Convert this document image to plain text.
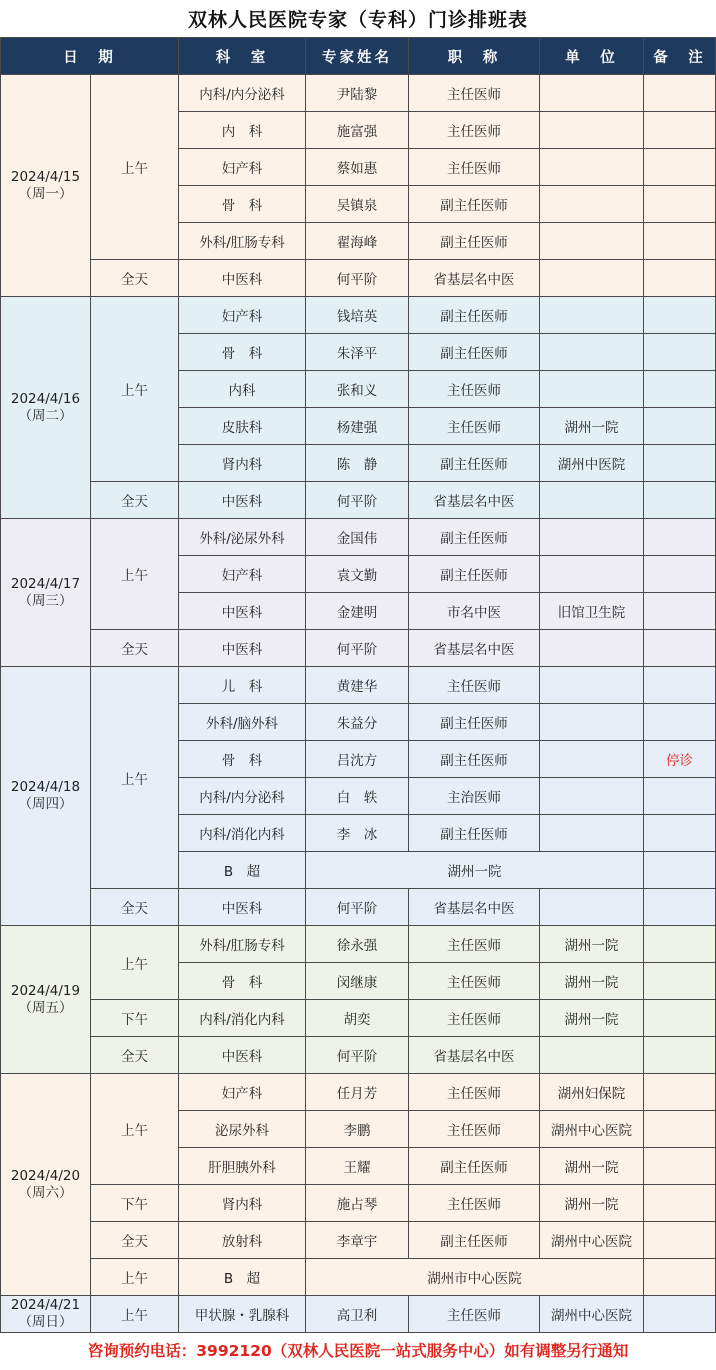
双林人民医院专家（专科）门诊排班表
日　期		科　室	专家姓名	职　称	单　位	备　注
2024/4/15
（周一）	上午	内科/内分泌科	尹陆黎	主任医师		
		内　科	施富强	主任医师		
		妇产科	蔡如惠	主任医师		
		骨　科	吴镇泉	副主任医师		
		外科/肛肠专科	翟海峰	副主任医师		
	全天	中医科	何平阶	省基层名中医		
2024/4/16
（周二）	上午	妇产科	钱培英	副主任医师		
		骨　科	朱泽平	副主任医师		
		内科	张和义	主任医师		
		皮肤科	杨建强	主任医师	湖州一院	
		肾内科	陈　静	副主任医师	湖州中医院	
	全天	中医科	何平阶	省基层名中医		
2024/4/17
（周三）	上午	外科/泌尿外科	金国伟	副主任医师		
		妇产科	袁文勤	副主任医师		
		中医科	金建明	市名中医	旧馆卫生院	
	全天	中医科	何平阶	省基层名中医		
2024/4/18
（周四）	上午	儿　科	黄建华	主任医师		
		外科/脑外科	朱益分	副主任医师		
		骨　科	吕沈方	副主任医师		停诊
		内科/内分泌科	白　轶	主治医师		
		内科/消化内科	李　冰	副主任医师		
		B　超	湖州一院			
	全天	中医科	何平阶	省基层名中医		
2024/4/19
（周五）	上午	外科/肛肠专科	徐永强	主任医师	湖州一院	
		骨　科	闵继康	主任医师	湖州一院	
	下午	内科/消化内科	胡奕	主任医师	湖州一院	
	全天	中医科	何平阶	省基层名中医		
2024/4/20
（周六）	上午	妇产科	任月芳	主任医师	湖州妇保院	
		泌尿外科	李鹏	主任医师	湖州中心医院	
		肝胆胰外科	王耀	副主任医师	湖州一院	
	下午	肾内科	施占琴	主任医师	湖州一院	
	全天	放射科	李章宇	副主任医师	湖州中心医院	
	上午	B　超	湖州市中心医院			
2024/4/21
（周日）	上午	甲状腺・乳腺科	高卫利	主任医师	湖州中心医院	
咨询预约电话：3992120（双林人民医院一站式服务中心）如有调整另行通知
